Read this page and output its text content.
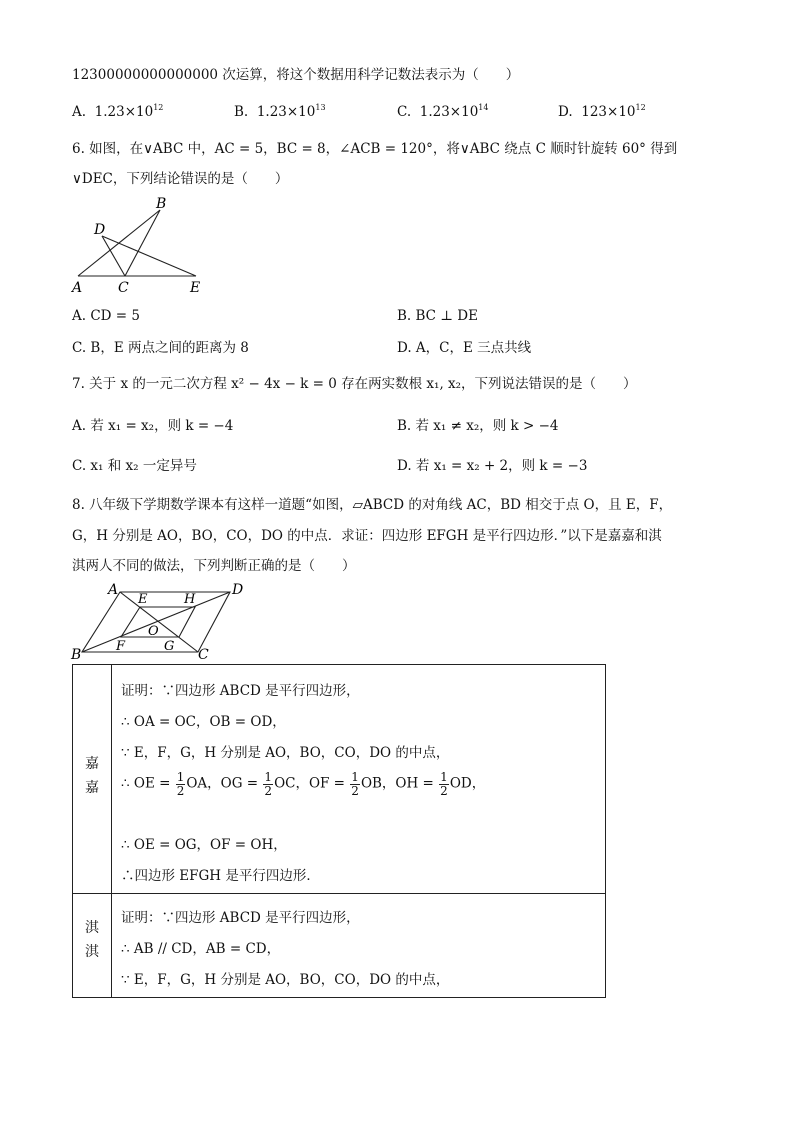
12300000000000000 次运算，将这个数据用科学记数法表示为（　　）
A. $1.23\times 10^{12}$	B. $1.23\times 10^{13}$	C. $1.23\times 10^{14}$	D. $123\times 10^{12}$
6. 如图，在∨ABC 中，AC = 5，BC = 8，∠ACB = 120°，将∨ABC 绕点 C 顺时针旋转 60° 得到
∨DEC，下列结论错误的是（　　）
B
D
A	C	E
A. CD = 5	B. BC ⊥ DE
C. B，E 两点之间的距离为 8	D. A，C，E 三点共线
7. 关于 x 的一元二次方程 x² − 4x − k = 0 存在两实数根 x₁, x₂，下列说法错误的是（　　）
A. 若 x₁ = x₂，则 k = −4	B. 若 x₁ ≠ x₂，则 k > −4
C. x₁ 和 x₂ 一定异号	D. 若 x₁ = x₂ + 2，则 k = −3
8. 八年级下学期数学课本有这样一道题“如图，▱ABCD 的对角线 AC，BD 相交于点 O，且 E，F，
G，H 分别是 AO，BO，CO，DO 的中点．求证：四边形 EFGH 是平行四边形．”以下是嘉嘉和淇
淇两人不同的做法，下列判断正确的是（　　）
A	D
B	C
E	H
O
F	G
嘉
嘉
证明：∵四边形 ABCD 是平行四边形，
∴ OA = OC，OB = OD，
∵ E，F，G，H 分别是 AO，BO，CO，DO 的中点，
∴ OE = $\frac{1}{2}$ OA，OG = $\frac{1}{2}$ OC，OF = $\frac{1}{2}$ OB，OH = $\frac{1}{2}$ OD，
∴ OE = OG，OF = OH，
∴四边形 EFGH 是平行四边形．
淇
淇
证明：∵四边形 ABCD 是平行四边形，
∴ AB // CD，AB = CD，
∵ E，F，G，H 分别是 AO，BO，CO，DO 的中点，
